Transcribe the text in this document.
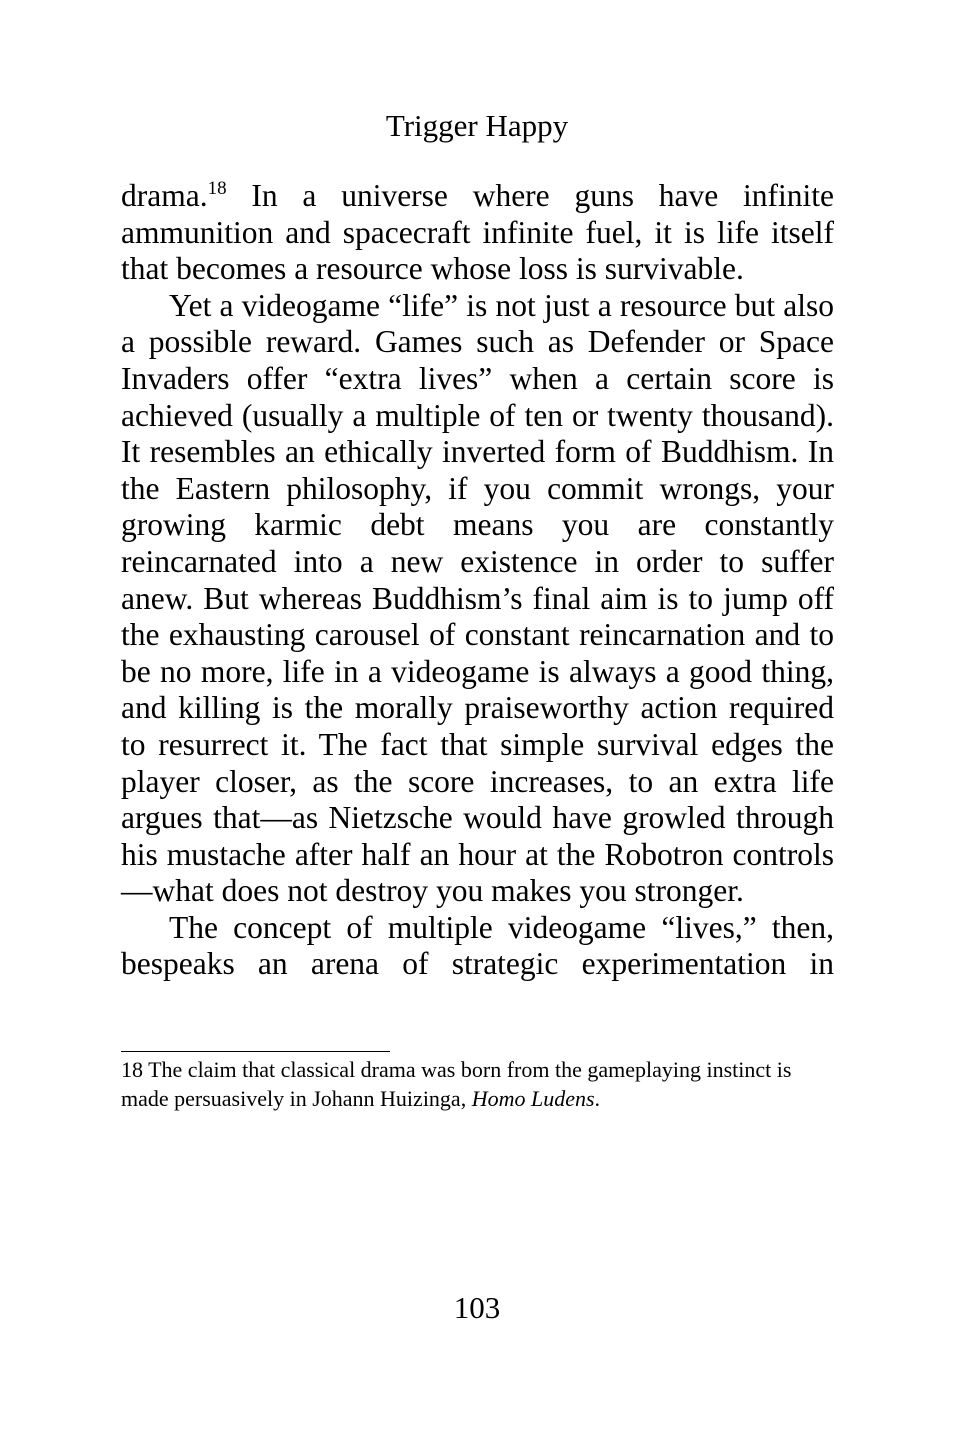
Trigger Happy

drama.$^{18}$ In a universe where guns have infinite ammunition and spacecraft infinite fuel, it is life itself that becomes a resource whose loss is survivable.

Yet a videogame “life” is not just a resource but also a possible reward. Games such as Defender or Space Invaders offer “extra lives” when a certain score is achieved (usually a multiple of ten or twenty thousand). It resembles an ethically inverted form of Buddhism. In the Eastern philosophy, if you commit wrongs, your growing karmic debt means you are constantly reincarnated into a new existence in order to suffer anew. But whereas Buddhism’s final aim is to jump off the exhausting carousel of constant reincarnation and to be no more, life in a videogame is always a good thing, and killing is the morally praiseworthy action required to resurrect it. The fact that simple survival edges the player closer, as the score increases, to an extra life argues that—as Nietzsche would have growled through his mustache after half an hour at the Robotron controls—what does not destroy you makes you stronger.

The concept of multiple videogame “lives,” then, bespeaks an arena of strategic experimentation in

18 The claim that classical drama was born from the gameplaying instinct is made persuasively in Johann Huizinga, Homo Ludens.

103
